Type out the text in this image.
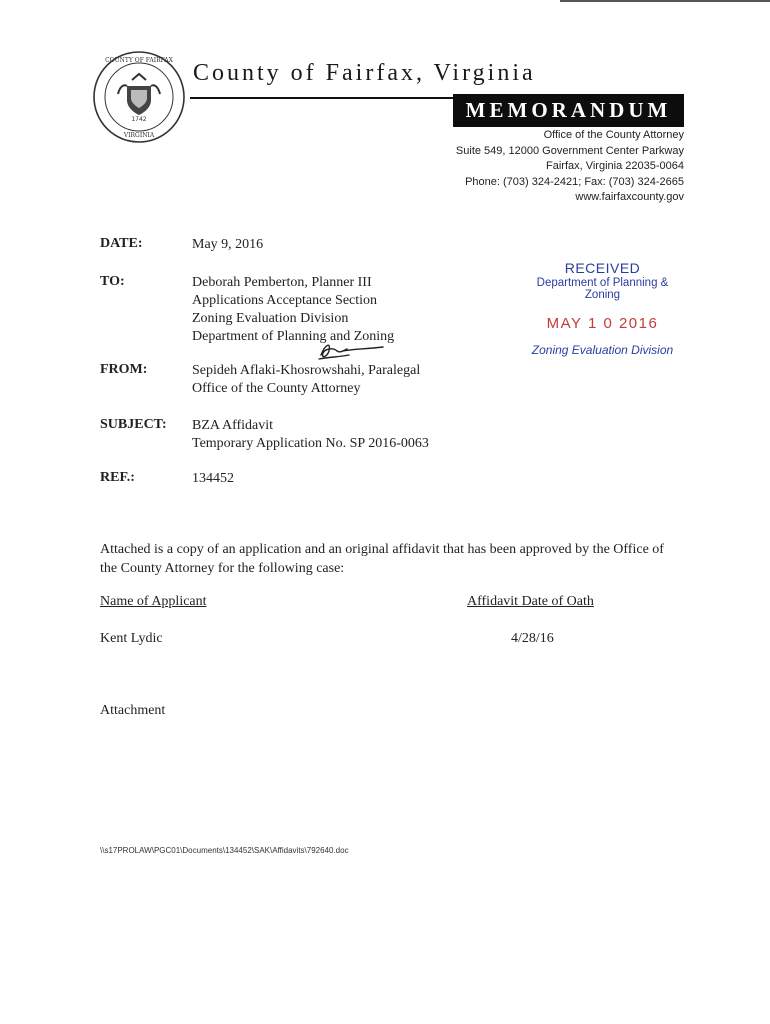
1742
COUNTY OF FAIRFAX
VIRGINIA
County of Fairfax, Virginia
MEMORANDUM
Office of the County Attorney
Suite 549, 12000 Government Center Parkway
Fairfax, Virginia 22035-0064
Phone: (703) 324-2421; Fax: (703) 324-2665
www.fairfaxcounty.gov
DATE:	May 9, 2016
TO:	Deborah Pemberton, Planner III
Applications Acceptance Section
Zoning Evaluation Division
Department of Planning and Zoning
RECEIVED
Department of Planning & Zoning
MAY 1 0 2016
Zoning Evaluation Division
FROM:	Sepideh Aflaki-Khosrowshahi, Paralegal
Office of the County Attorney
SUBJECT: BZA Affidavit
Temporary Application No. SP 2016-0063
REF.:	134452
Attached is a copy of an application and an original affidavit that has been approved by the Office of the County Attorney for the following case:
Name of Applicant	Affidavit Date of Oath
Kent Lydic	4/28/16
Attachment
\\s17PROLAW\PGC01\Documents\134452\SAK\Affidavits\792640.doc
